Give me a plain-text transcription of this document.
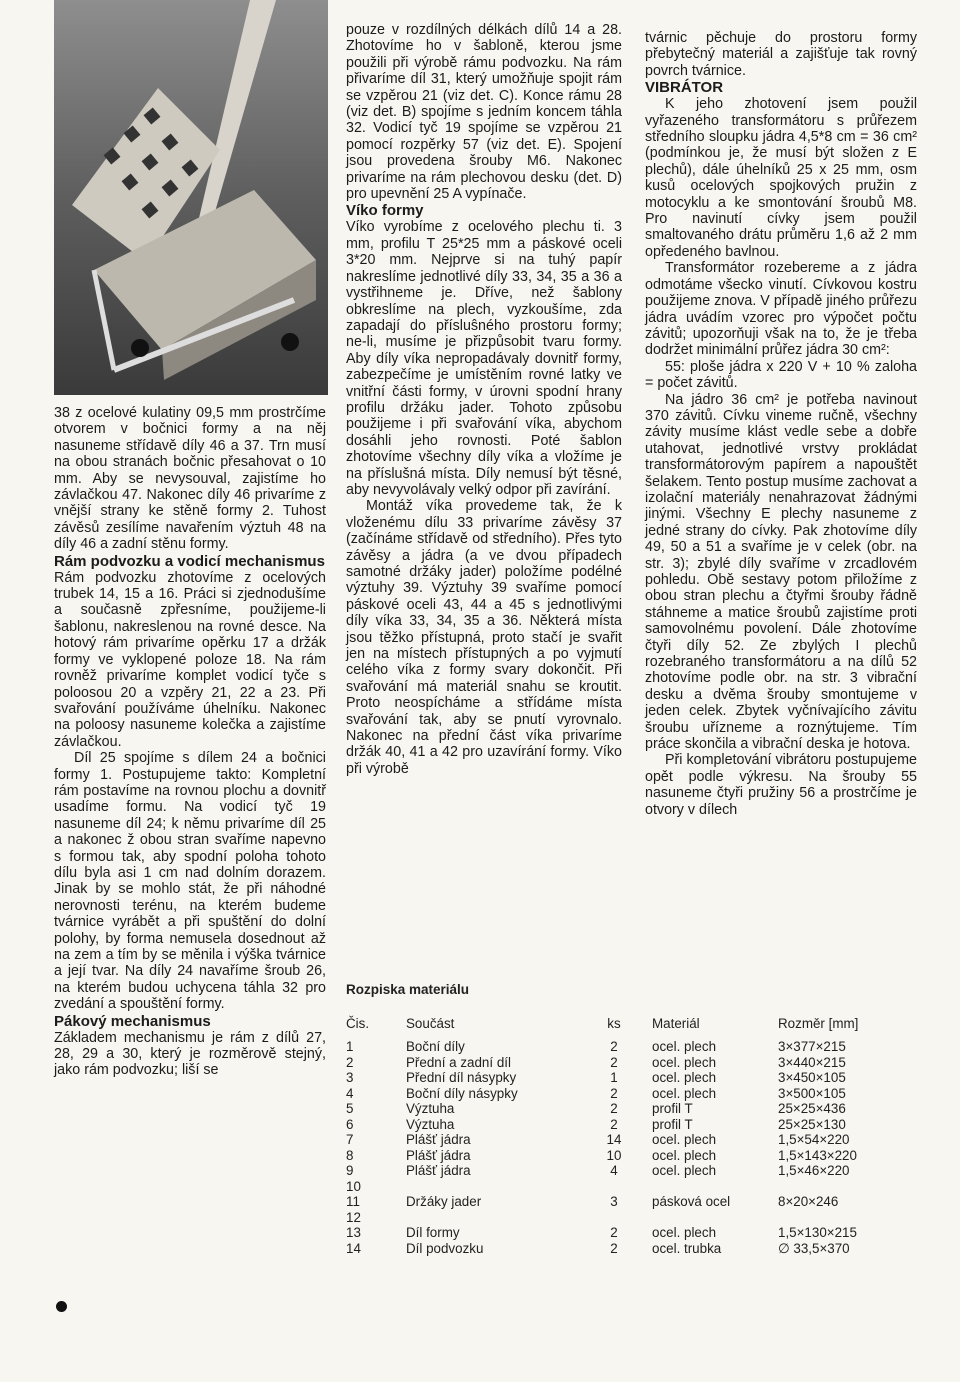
38 z ocelové kulatiny 09,5 mm prostrčíme otvorem v bočnici formy a na něj nasuneme střídavě díly 46 a 37. Trn musí na obou stranách bočnic přesahovat o 10 mm. Aby se nevysouval, zajistíme ho závlačkou 47. Nakonec díly 46 privaríme z vnější strany ke stěně formy 2. Tuhost závěsů zesílíme navařením výztuh 48 na díly 46 a zadní stěnu formy.

Rám podvozku a vodicí mechanismus

Rám podvozku zhotovíme z ocelových trubek 14, 15 a 16. Práci si zjednodušíme a současně zpřesníme, použijeme-li šablonu, nakreslenou na rovné desce. Na hotový rám privaríme opěrku 17 a držák formy ve vyklopené poloze 18. Na rám rovněž privaríme komplet vodicí tyče s poloosou 20 a vzpěry 21, 22 a 23. Při svařování používáme úhelníku. Nakonec na poloosy nasuneme kolečka a zajistíme závlačkou.

Díl 25 spojíme s dílem 24 a bočnici formy 1. Postupujeme takto: Kompletní rám postavíme na rovnou plochu a dovnitř usadíme formu. Na vodicí tyč 19 nasuneme díl 24; k němu privaríme díl 25 a nakonec ž obou stran svaříme napevno s formou tak, aby spodní poloha tohoto dílu byla asi 1 cm nad dolním dorazem. Jinak by se mohlo stát, že při náhodné nerovnosti terénu, na kterém budeme tvárnice vyrábět a při spuštění do dolní polohy, by forma nemusela dosednout až na zem a tím by se měnila i výška tvárnice a její tvar. Na díly 24 navaříme šroub 26, na kterém budou uchycena táhla 32 pro zvedání a spouštění formy.

Pákový mechanismus

Základem mechanismu je rám z dílů 27, 28, 29 a 30, který je rozměrově stejný, jako rám podvozku; liší se

pouze v rozdílných délkách dílů 14 a 28. Zhotovíme ho v šabloně, kterou jsme použili při výrobě rámu podvozku. Na rám přivaríme díl 31, který umožňuje spojit rám se vzpěrou 21 (viz det. C). Konce rámu 28 (viz det. B) spojíme s jedním koncem táhla 32. Vodicí tyč 19 spojíme se vzpěrou 21 pomocí rozpěrky 57 (viz det. E). Spojení jsou provedena šrouby M6. Nakonec privaríme na rám plechovou desku (det. D) pro upevnění 25 A vypínače.

Víko formy

Víko vyrobíme z ocelového plechu ti. 3 mm, profilu T 25*25 mm a páskové oceli 3*20 mm. Nejprve si na tuhý papír nakreslíme jednotlivé díly 33, 34, 35 a 36 a vystřihneme je. Dříve, než šablony obkreslíme na plech, vyzkoušíme, zda zapadají do přísluŝného prostoru formy; ne-li, musíme je přizpůsobit tvaru formy. Aby díly víka nepropadávaly dovnitř formy, zabezpečíme je umístěním rovné latky ve vnitřní části formy, v úrovni spodní hrany profilu držáku jader. Tohoto způsobu použijeme i při svařování víka, abychom dosáhli jeho rovnosti. Poté šablon zhotovíme všechny díly víka a vložíme je na příslušná místa. Díly nemusí být těsné, aby nevyvolávaly velký odpor při zavírání.

Montáž víka provedeme tak, že k vloženému dílu 33 privaríme závěsy 37 (začínáme střídavě od středního). Přes tyto závěsy a jádra (a ve dvou případech samotné držáky jader) položíme podélné výztuhy 39. Výztuhy 39 svaříme pomocí páskové oceli 43, 44 a 45 s jednotlivými díly víka 33, 34, 35 a 36. Některá místa jsou těžko přístupná, proto stačí je svařit jen na místech přístupných a po vyjmutí celého víka z formy svary dokončit. Při svařování má materiál snahu se kroutit. Proto neospícháme a střídáme místa svařování tak, aby se pnutí vyrovnalo. Nakonec na přední část víka privaríme držák 40, 41 a 42 pro uzavírání formy. Víko při výrobě

tvárnic pěchuje do prostoru formy přebytečný materiál a zajišťuje tak rovný povrch tvárnice.

VIBRÁTOR

K jeho zhotovení jsem použil vyřazeného transformátoru s průřezem středního sloupku jádra 4,5*8 cm = 36 cm² (podmínkou je, že musí být složen z E plechů), dále úhelníků 25 x 25 mm, osm kusů ocelových spojkových pružin z motocyklu a ke smontování šroubů M8. Pro navinutí cívky jsem použil smaltovaného drátu průměru 1,6 až 2 mm opředeného bavlnou.

Transformátor rozebereme a z jádra odmotáme všecko vinutí. Cívkovou kostru použijeme znova. V případě jiného průřezu jádra uvádím vzorec pro výpočet počtu závitů; upozorňuji však na to, že je třeba dodržet minimální průřez jádra 30 cm²:

55: ploše jádra x 220 V + 10 % zaloha = počet závitů.

Na jádro 36 cm² je potřeba navinout 370 závitů. Cívku vineme ručně, všechny závity musíme klást vedle sebe a dobře utahovat, jednotlivé vrstvy prokládat transformátorovým papírem a napouštět šelakem. Tento postup musíme zachovat a izolační materiály nenahrazovat žádnými jinými. Všechny E plechy nasuneme z jedné strany do cívky. Pak zhotovíme díly 49, 50 a 51 a svaříme je v celek (obr. na str. 3); zbylé díly svaříme v zrcadlovém pohledu. Obě sestavy potom přiložíme z obou stran plechu a čtyřmi šrouby řádně stáhneme a matice šroubů zajistíme proti samovolnému povolení. Dále zhotovíme čtyři díly 52. Ze zbylých I plechů rozebraného transformátoru a na dílů 52 zhotovíme podle obr. na str. 3 vibrační desku a dvěma šrouby smontujeme v jeden celek. Zbytek vyčnívajícího závitu šroubu uřízneme a roznýtujeme. Tím práce skončila a vibrační deska je hotova.

Při kompletování vibrátoru postupujeme opět podle výkresu. Na šrouby 55 nasuneme čtyři pružiny 56 a prostrčíme je otvory v dílech

Rozpiska materiálu
Čis.	Součást	ks	Materiál	Rozměr [mm]
1	Boční díly	2	ocel. plech	3×377×215
2	Přední a zadní díl	2	ocel. plech	3×440×215
3	Přední díl násypky	1	ocel. plech	3×450×105
4	Boční díly násypky	2	ocel. plech	3×500×105
5	Výztuha	2	profil T	25×25×436
6	Výztuha	2	profil T	25×25×130
7	Plášť jádra	14	ocel. plech	1,5×54×220
8	Plášť jádra	10	ocel. plech	1,5×143×220
9	Plášť jádra	4	ocel. plech	1,5×46×220
10
11	Držáky jader	3	pásková ocel	8×20×246
12
13	Díl formy	2	ocel. plech	1,5×130×215
14	Díl podvozku	2	ocel. trubka	∅ 33,5×370
